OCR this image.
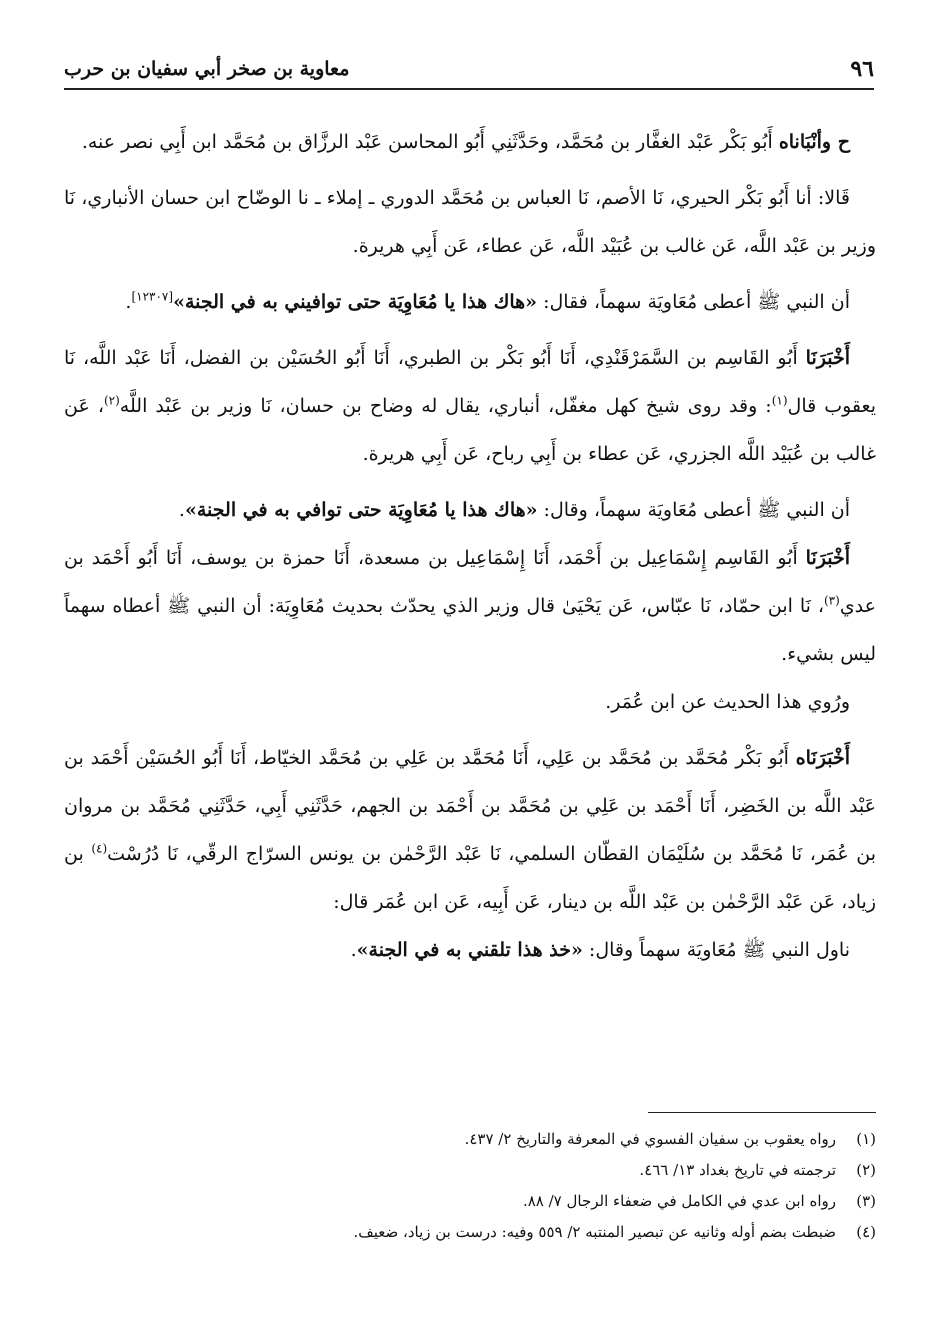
٩٦
معاوية بن صخر أبي سفيان بن حرب

ح وأنْبَاناه أَبُو بَكْر عَبْد الغفَّار بن مُحَمَّد، وحَدَّثَنِي أَبُو المحاسن عَبْد الرزَّاق بن مُحَمَّد ابن أَبِي نصر عنه.

قَالا: أنا أَبُو بَكْر الحيري، نَا الأصم، نَا العباس بن مُحَمَّد الدوري ـ إملاء ـ نا الوضّاح ابن حسان الأنباري، نَا وزير بن عَبْد اللَّه، عَن غالب بن عُبَيْد اللَّه، عَن عطاء، عَن أَبِي هريرة.

أن النبي ﷺ أعطى مُعَاويَة سهماً، فقال: «هاك هذا يا مُعَاوِيَة حتى توافيني به في الجنة»[١٢٣٠٧].

أَخْبَرَنَا أَبُو القَاسِم بن السَّمَرْقَنْدِي، أَنَا أَبُو بَكْر بن الطبري، أَنَا أَبُو الحُسَيْن بن الفضل، أَنَا عَبْد اللَّه، نَا يعقوب قال$^{(١)}$: وقد روى شيخ كهل مغفّل، أنباري، يقال له وضاح بن حسان، نَا وزير بن عَبْد اللَّه$^{(٢)}$، عَن غالب بن عُبَيْد اللَّه الجزري، عَن عطاء بن أَبِي رباح، عَن أَبِي هريرة.

أن النبي ﷺ أعطى مُعَاويَة سهماً، وقال: «هاك هذا يا مُعَاوِيَة حتى توافي به في الجنة».

أَخْبَرَنَا أَبُو القَاسِم إِسْمَاعِيل بن أَحْمَد، أَنَا إِسْمَاعِيل بن مسعدة، أَنَا حمزة بن يوسف، أَنَا أَبُو أَحْمَد بن عدي$^{(٣)}$، نَا ابن حمّاد، نَا عبّاس، عَن يَحْيَىٰ قال وزير الذي يحدّث بحديث مُعَاوِيَة: أن النبي ﷺ أعطاه سهماً ليس بشيء.

ورُوي هذا الحديث عن ابن عُمَر.

أَخْبَرَنَاه أَبُو بَكْر مُحَمَّد بن مُحَمَّد بن عَلِي، أَنَا مُحَمَّد بن عَلِي بن مُحَمَّد الخيّاط، أَنَا أَبُو الحُسَيْن أَحْمَد بن عَبْد اللَّه بن الخَضِر، أَنَا أَحْمَد بن عَلِي بن مُحَمَّد بن أَحْمَد بن الجهم، حَدَّثَنِي أَبِي، حَدَّثَنِي مُحَمَّد بن مروان بن عُمَر، نَا مُحَمَّد بن سُلَيْمَان القطّان السلمي، نَا عَبْد الرَّحْمٰن بن يونس السرّاج الرقّي، نَا دُرُسْت$^{(٤)}$ بن زياد، عَن عَبْد الرَّحْمٰن بن عَبْد اللَّه بن دينار، عَن أَبِيه، عَن ابن عُمَر قال:

ناول النبي ﷺ مُعَاويَة سهماً وقال: «خذ هذا تلقني به في الجنة».

(١)رواه يعقوب بن سفيان الفسوي في المعرفة والتاريخ ٢/ ٤٣٧.

(٢)ترجمته في تاريخ بغداد ١٣/ ٤٦٦.

(٣)رواه ابن عدي في الكامل في ضعفاء الرجال ٧/ ٨٨.

(٤)ضبطت بضم أوله وثانيه عن تبصير المنتبه ٢/ ٥٥٩ وفيه: درست بن زياد، ضعيف.
